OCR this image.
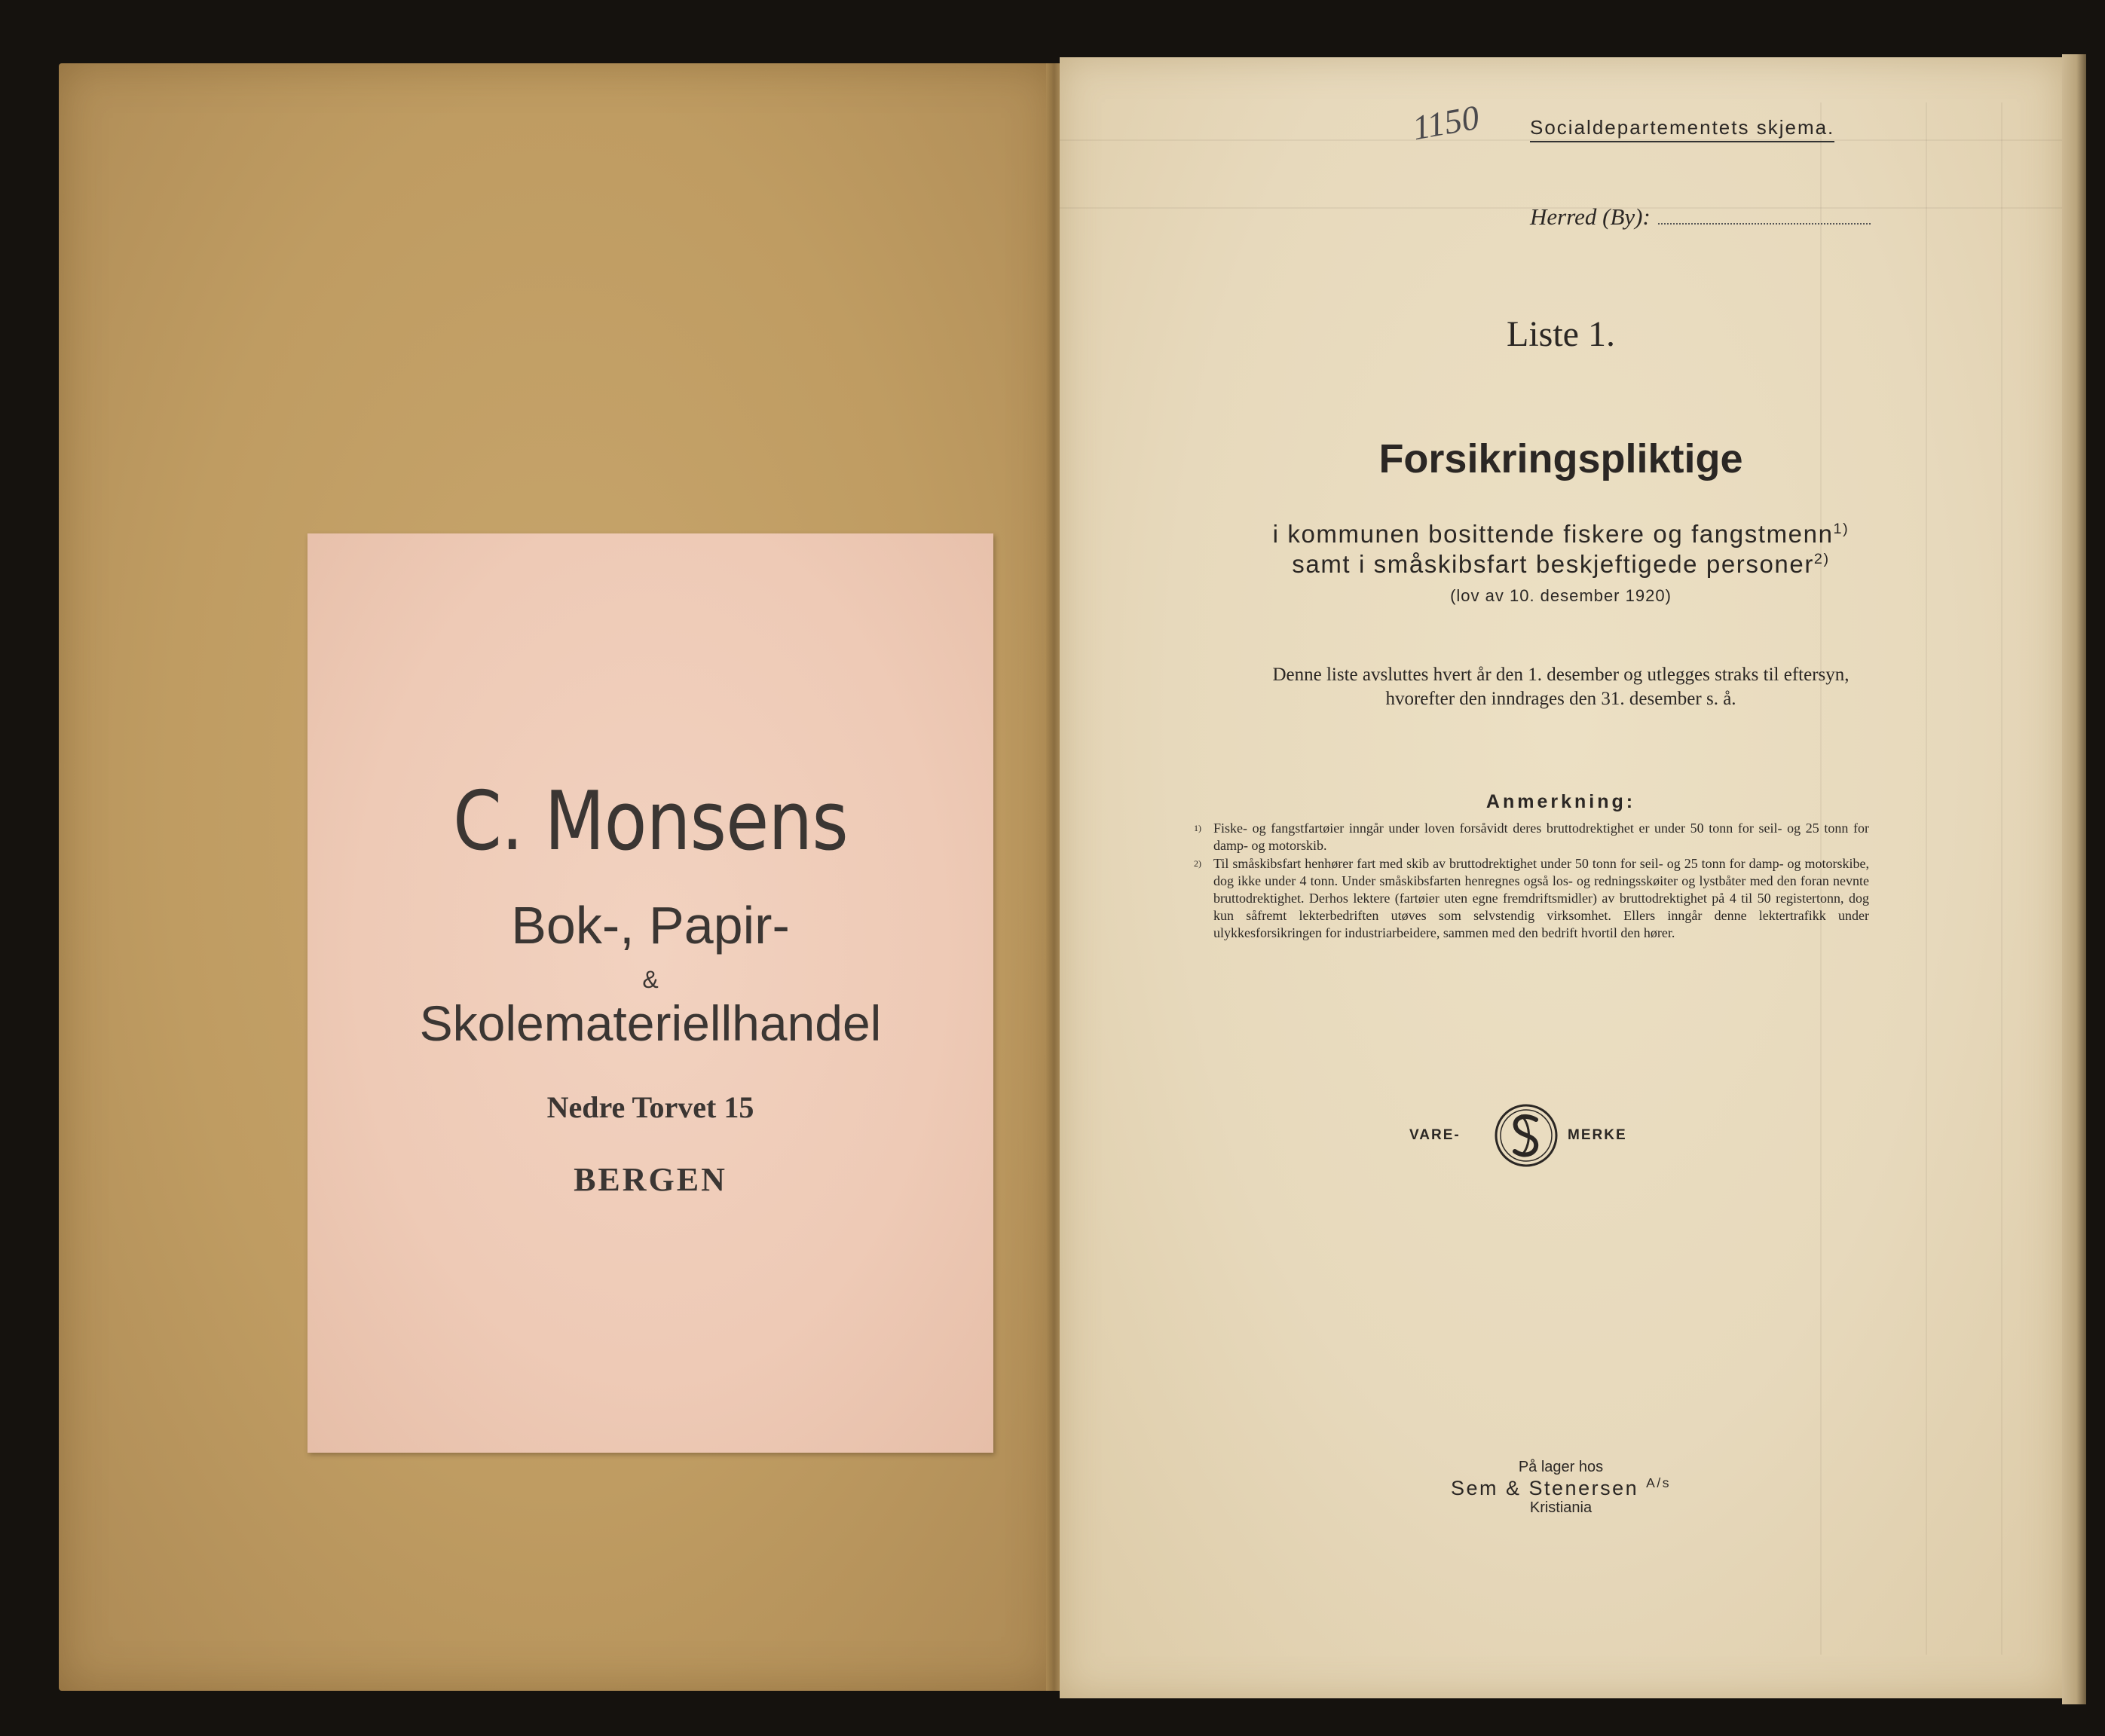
C. Monsens
Bok-, Papir-
&
Skolemateriellhandel
Nedre Torvet 15
BERGEN
1150 Socialdepartementets skjema.
Herred (By):
Liste 1.
Forsikringspliktige
i kommunen bosittende fiskere og fangstmenn$^{1)}$
samt i småskibsfart beskjeftigede personer$^{2)}$
(lov av 10. desember 1920)
Denne liste avsluttes hvert år den 1. desember og utlegges straks til eftersyn,
hvorefter den inndrages den 31. desember s. å.
Anmerkning:
1) Fiske- og fangstfartøier inngår under loven forsåvidt deres bruttodrektighet er under 50 tonn for seil- og 25 tonn for damp- og motorskib.
2) Til småskibsfart henhører fart med skib av bruttodrektighet under 50 tonn for seil- og 25 tonn for damp- og motorskibe, dog ikke under 4 tonn. Under småskibsfarten henregnes også los- og redningsskøiter og lystbåter med den foran nevnte bruttodrektighet. Derhos lektere (fartøier uten egne fremdriftsmidler) av bruttodrektighet på 4 til 50 registertonn, dog kun såfremt lekterbedriften utøves som selvstendig virksomhet. Ellers inngår denne lektertrafikk under ulykkesforsikringen for industriarbeidere, sammen med den bedrift hvortil den hører.
VARE-	MERKE
På lager hos
Sem & Stenersen $^{A/s}$
Kristiania
